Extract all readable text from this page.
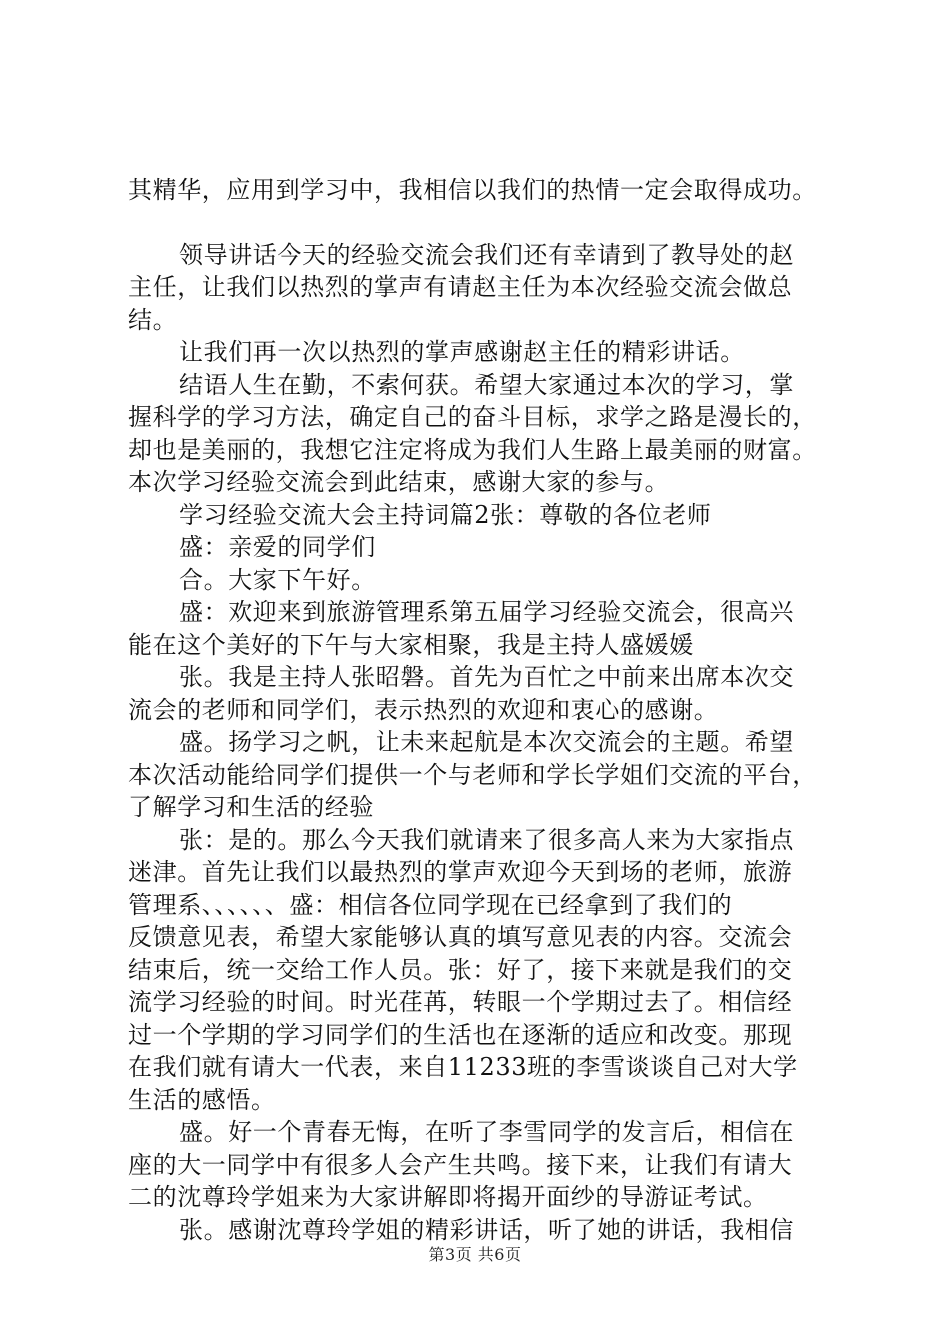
其精华，应用到学习中，我相信以我们的热情一定会取得成功。
领导讲话今天的经验交流会我们还有幸请到了教导处的赵
主任，让我们以热烈的掌声有请赵主任为本次经验交流会做总
结。
让我们再一次以热烈的掌声感谢赵主任的精彩讲话。
结语人生在勤，不索何获。希望大家通过本次的学习，掌
握科学的学习方法，确定自己的奋斗目标，求学之路是漫长的，
却也是美丽的，我想它注定将成为我们人生路上最美丽的财富。
本次学习经验交流会到此结束，感谢大家的参与。
学习经验交流大会主持词篇2张：尊敬的各位老师
盛：亲爱的同学们
合。大家下午好。
盛：欢迎来到旅游管理系第五届学习经验交流会，很高兴
能在这个美好的下午与大家相聚，我是主持人盛媛媛
张。我是主持人张昭磐。首先为百忙之中前来出席本次交
流会的老师和同学们，表示热烈的欢迎和衷心的感谢。
盛。扬学习之帆，让未来起航是本次交流会的主题。希望
本次活动能给同学们提供一个与老师和学长学姐们交流的平台，
了解学习和生活的经验
张：是的。那么今天我们就请来了很多高人来为大家指点
迷津。首先让我们以最热烈的掌声欢迎今天到场的老师，旅游
管理系、、、、、、盛：相信各位同学现在已经拿到了我们的
反馈意见表，希望大家能够认真的填写意见表的内容。交流会
结束后，统一交给工作人员。张：好了，接下来就是我们的交
流学习经验的时间。时光荏苒，转眼一个学期过去了。相信经
过一个学期的学习同学们的生活也在逐渐的适应和改变。那现
在我们就有请大一代表，来自11233班的李雪谈谈自己对大学
生活的感悟。
盛。好一个青春无悔，在听了李雪同学的发言后，相信在
座的大一同学中有很多人会产生共鸣。接下来，让我们有请大
二的沈尊玲学姐来为大家讲解即将揭开面纱的导游证考试。
张。感谢沈尊玲学姐的精彩讲话，听了她的讲话，我相信
第3页 共6页
